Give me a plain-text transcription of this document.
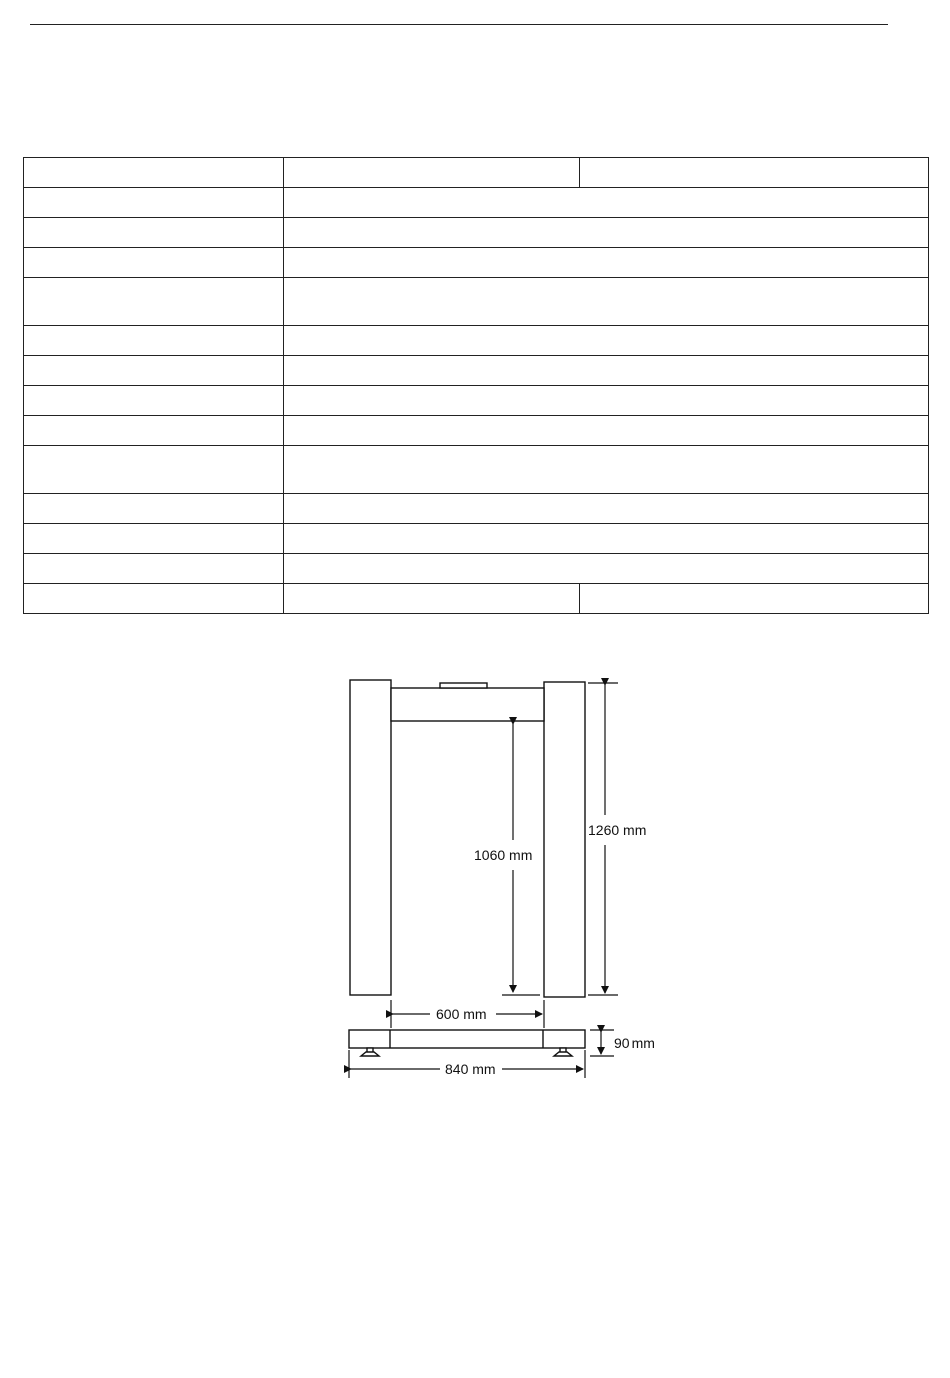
1060 mm
1260 mm
600 mm
90 mm
840 mm
